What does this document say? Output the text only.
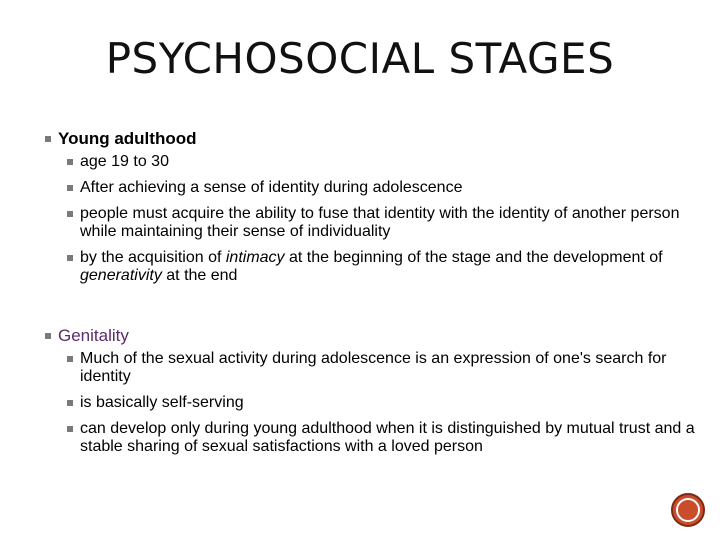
PSYCHOSOCIAL STAGES
Young adulthood
age 19 to 30
After achieving a sense of identity during adolescence
people must acquire the ability to fuse that identity with the identity of another person while maintaining their sense of individuality
by the acquisition of intimacy at the beginning of the stage and the development of generativity at the end
Genitality
Much of the sexual activity during adolescence is an expression of one's search for identity
is basically self-serving
can develop only during young adulthood when it is distinguished by mutual trust and a stable sharing of sexual satisfactions with a loved person
